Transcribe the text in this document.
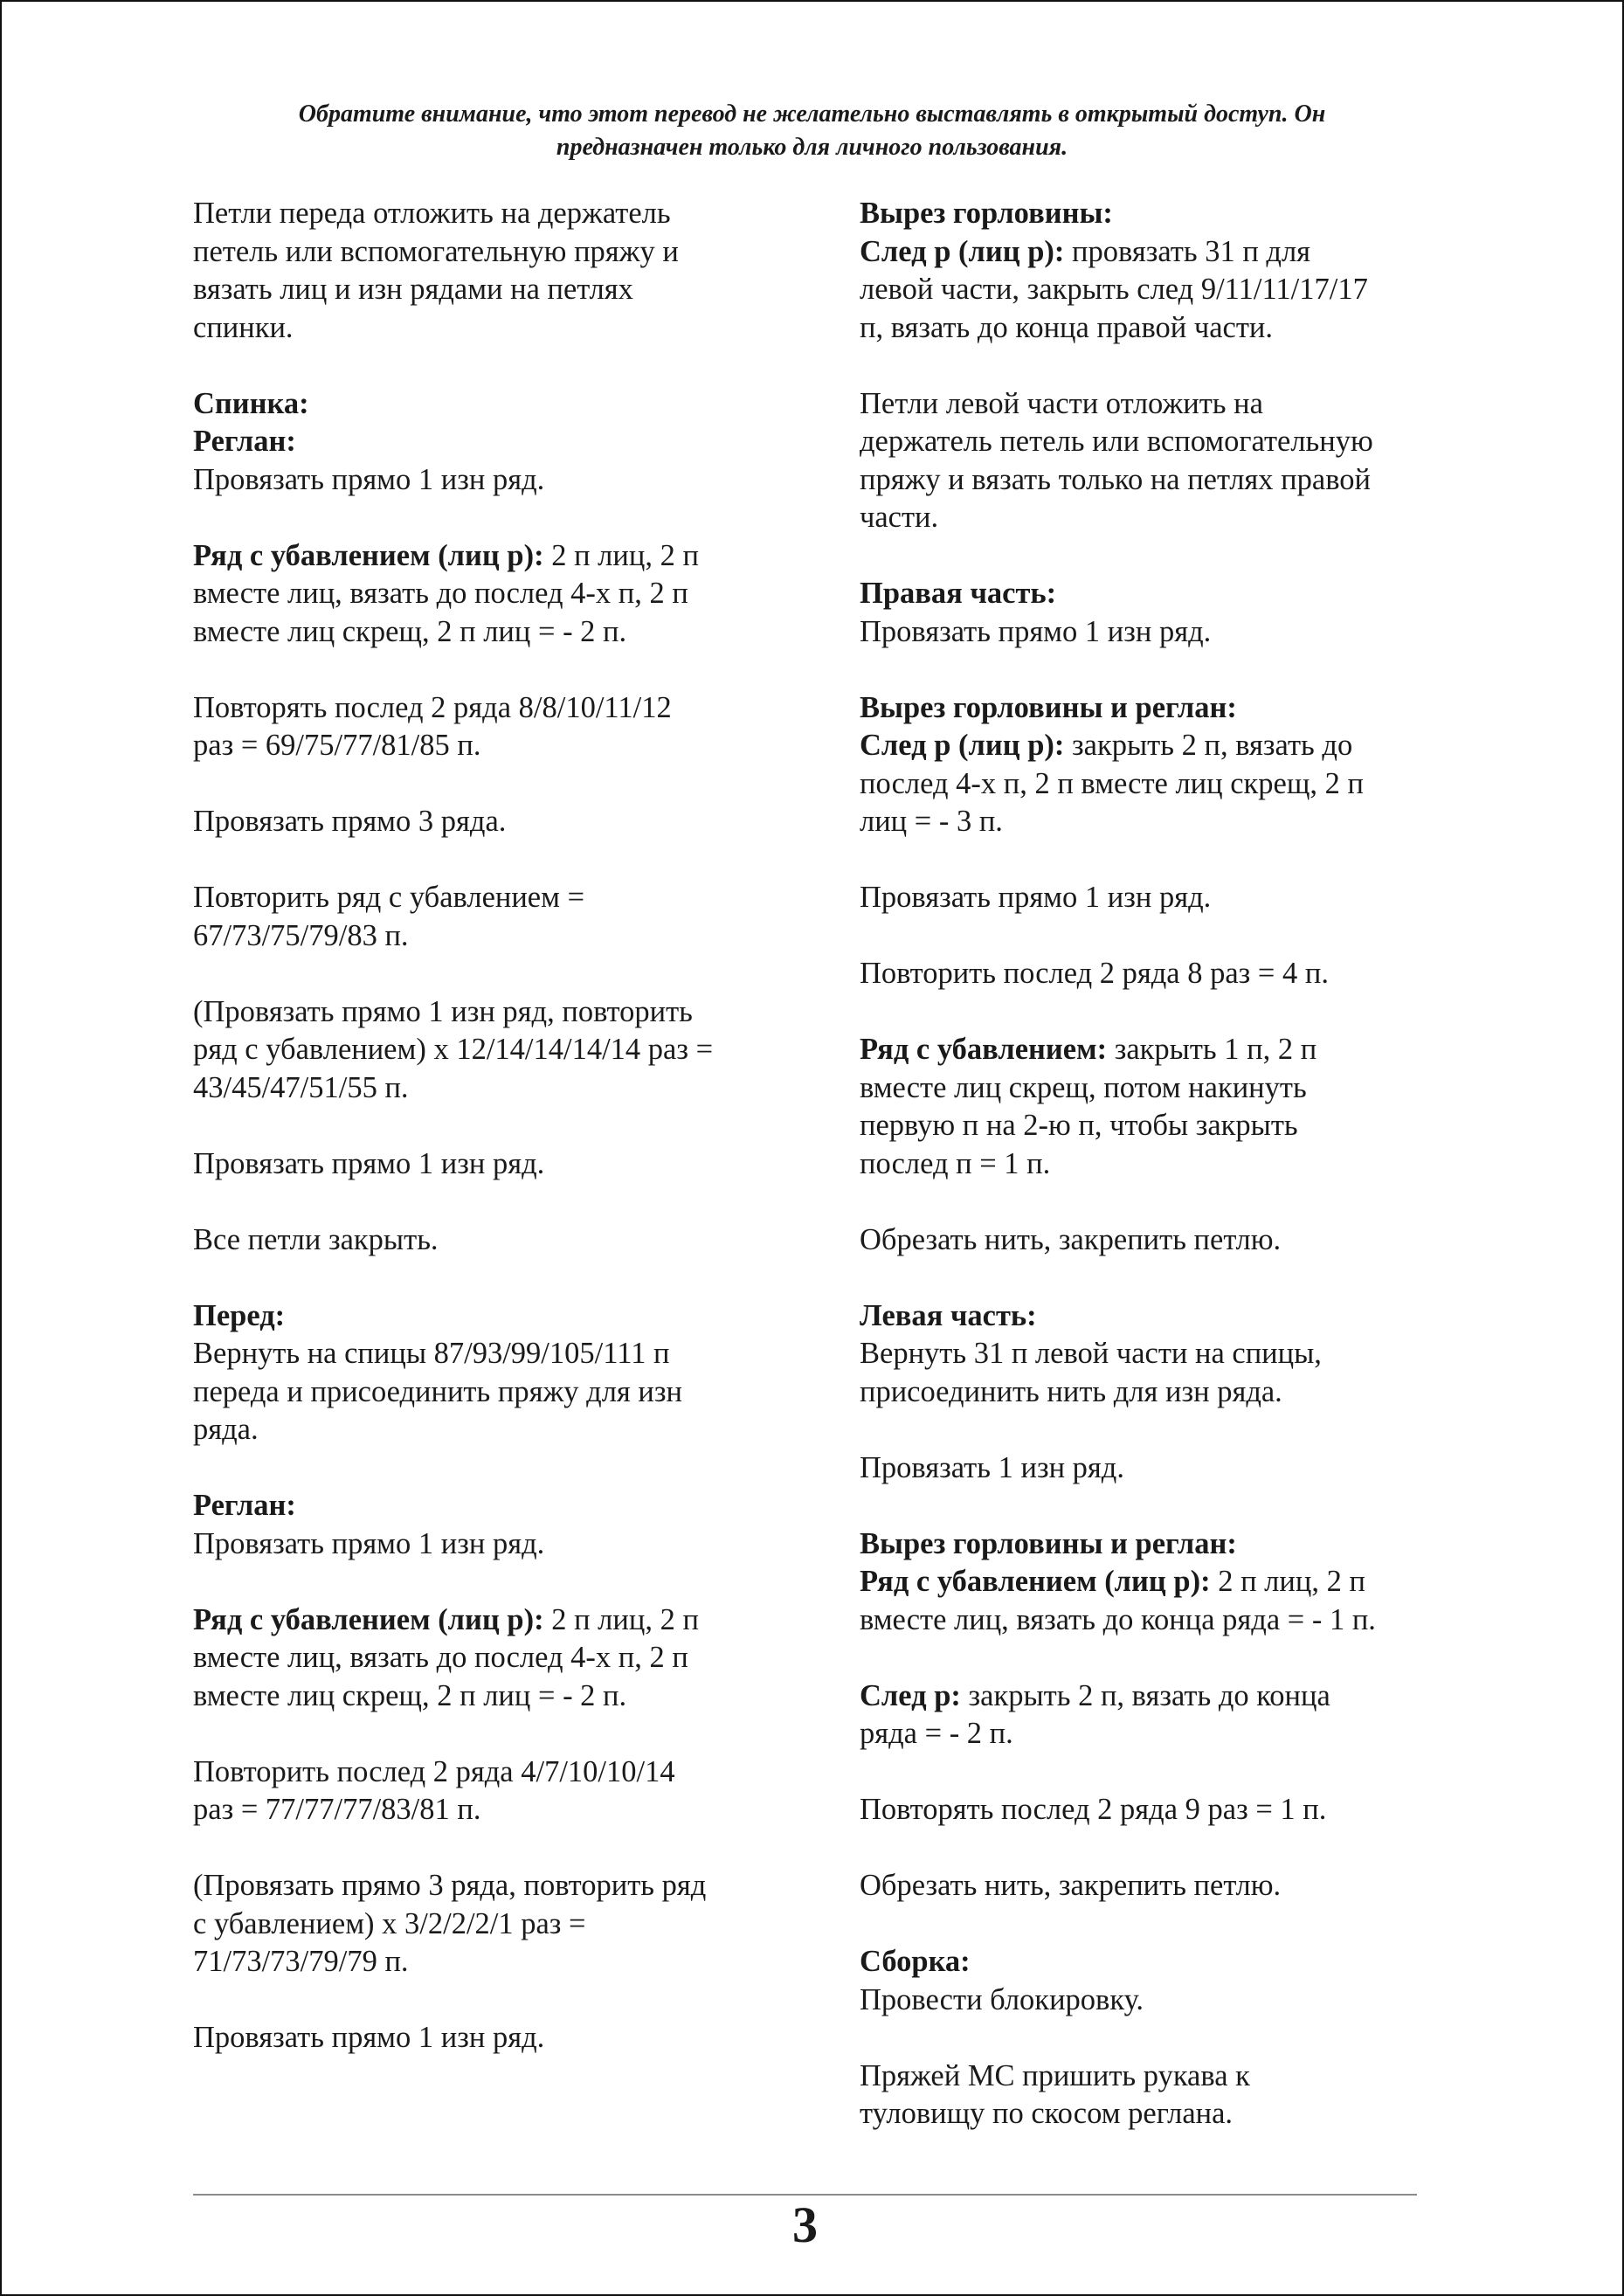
Обратите внимание, что этот перевод не желательно выставлять в открытый доступ. Он
предназначен только для личного пользования.
Петли переда отложить на держатель
петель или вспомогательную пряжу и
вязать лиц и изн рядами на петлях
спинки.
Спинка:
Реглан:
Провязать прямо 1 изн ряд.
Ряд с убавлением (лиц р): 2 п лиц, 2 п
вместе лиц, вязать до послед 4-х п, 2 п
вместе лиц скрещ, 2 п лиц = - 2 п.
Повторять послед 2 ряда 8/8/10/11/12
раз = 69/75/77/81/85 п.
Провязать прямо 3 ряда.
Повторить ряд с убавлением =
67/73/75/79/83 п.
(Провязать прямо 1 изн ряд, повторить
ряд с убавлением) х 12/14/14/14/14 раз =
43/45/47/51/55 п.
Провязать прямо 1 изн ряд.
Все петли закрыть.
Перед:
Вернуть на спицы 87/93/99/105/111 п
переда и присоединить пряжу для изн
ряда.
Реглан:
Провязать прямо 1 изн ряд.
Ряд с убавлением (лиц р): 2 п лиц, 2 п
вместе лиц, вязать до послед 4-х п, 2 п
вместе лиц скрещ, 2 п лиц = - 2 п.
Повторить послед 2 ряда 4/7/10/10/14
раз = 77/77/77/83/81 п.
(Провязать прямо 3 ряда, повторить ряд
с убавлением) х 3/2/2/2/1 раз =
71/73/73/79/79 п.
Провязать прямо 1 изн ряд.
Вырез горловины:
След р (лиц р): провязать 31 п для
левой части, закрыть след 9/11/11/17/17
п, вязать до конца правой части.
Петли левой части отложить на
держатель петель или вспомогательную
пряжу и вязать только на петлях правой
части.
Правая часть:
Провязать прямо 1 изн ряд.
Вырез горловины и реглан:
След р (лиц р): закрыть 2 п, вязать до
послед 4-х п, 2 п вместе лиц скрещ, 2 п
лиц = - 3 п.
Провязать прямо 1 изн ряд.
Повторить послед 2 ряда 8 раз = 4 п.
Ряд с убавлением: закрыть 1 п, 2 п
вместе лиц скрещ, потом накинуть
первую п на 2-ю п, чтобы закрыть
послед п = 1 п.
Обрезать нить, закрепить петлю.
Левая часть:
Вернуть 31 п левой части на спицы,
присоединить нить для изн ряда.
Провязать 1 изн ряд.
Вырез горловины и реглан:
Ряд с убавлением (лиц р): 2 п лиц, 2 п
вместе лиц, вязать до конца ряда = - 1 п.
След р: закрыть 2 п, вязать до конца
ряда = - 2 п.
Повторять послед 2 ряда 9 раз = 1 п.
Обрезать нить, закрепить петлю.
Сборка:
Провести блокировку.
Пряжей МС пришить рукава к
туловищу по скосом реглана.
3
